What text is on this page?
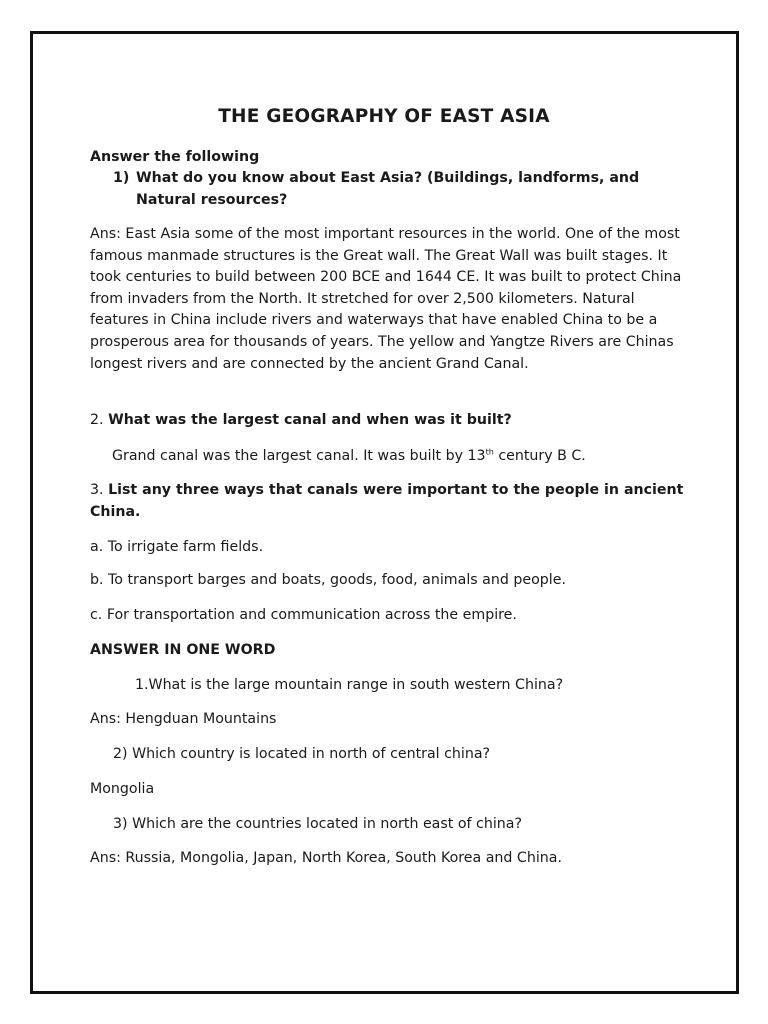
THE GEOGRAPHY OF EAST ASIA

Answer the following

1) What do you know about East Asia? (Buildings, landforms, and Natural resources?

Ans: East Asia some of the most important resources in the world. One of the most famous manmade structures is the Great wall. The Great Wall was built stages. It took centuries to build between 200 BCE and 1644 CE. It was built to protect China from invaders from the North. It stretched for over 2,500 kilometers. Natural features in China include rivers and waterways that have enabled China to be a prosperous area for thousands of years. The yellow and Yangtze Rivers are Chinas longest rivers and are connected by the ancient Grand Canal.

2. What was the largest canal and when was it built?

Grand canal was the largest canal. It was built by 13th century B C.

3. List any three ways that canals were important to the people in ancient China.

a. To irrigate farm fields.

b. To transport barges and boats, goods, food, animals and people.

c. For transportation and communication across the empire.

ANSWER IN ONE WORD

1.What is the large mountain range in south western China?

Ans: Hengduan Mountains

2) Which country is located in north of central china?

Mongolia

3) Which are the countries located in north east of china?

Ans: Russia, Mongolia, Japan, North Korea, South Korea and China.
